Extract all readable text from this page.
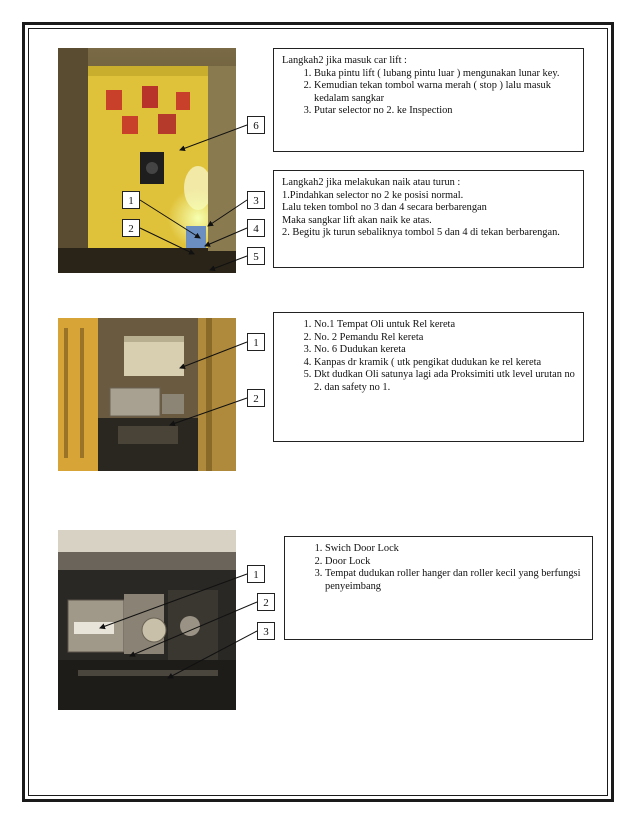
Langkah2 jika masuk car lift :

1. Buka pintu lift ( lubang pintu luar ) mengunakan lunar key.
2. Kemudian tekan tombol warna merah ( stop ) lalu masuk kedalam sangkar
3. Putar selector no 2. ke Inspection

Langkah2 jika melakukan naik atau turun :

1.Pindahkan selector no 2 ke posisi normal.

Lalu teken tombol no 3 dan 4 secara berbarengan

Maka sangkar lift akan naik ke atas.

2. Begitu jk turun sebaliknya tombol 5 dan 4 di tekan berbarengan.

6
1	3
2	4
5
1. No.1 Tempat Oli untuk Rel kereta
2. No. 2 Pemandu Rel kereta
3. No. 6 Dudukan kereta
4. Kanpas dr kramik ( utk pengikat dudukan ke rel kereta
5. Dkt dudkan Oli satunya lagi ada Proksimiti utk level urutan no 2. dan safety no 1.
1
2
1. Swich Door Lock
2. Door Lock
3. Tempat dudukan roller hanger dan roller kecil yang berfungsi penyeimbang
1
2
3
